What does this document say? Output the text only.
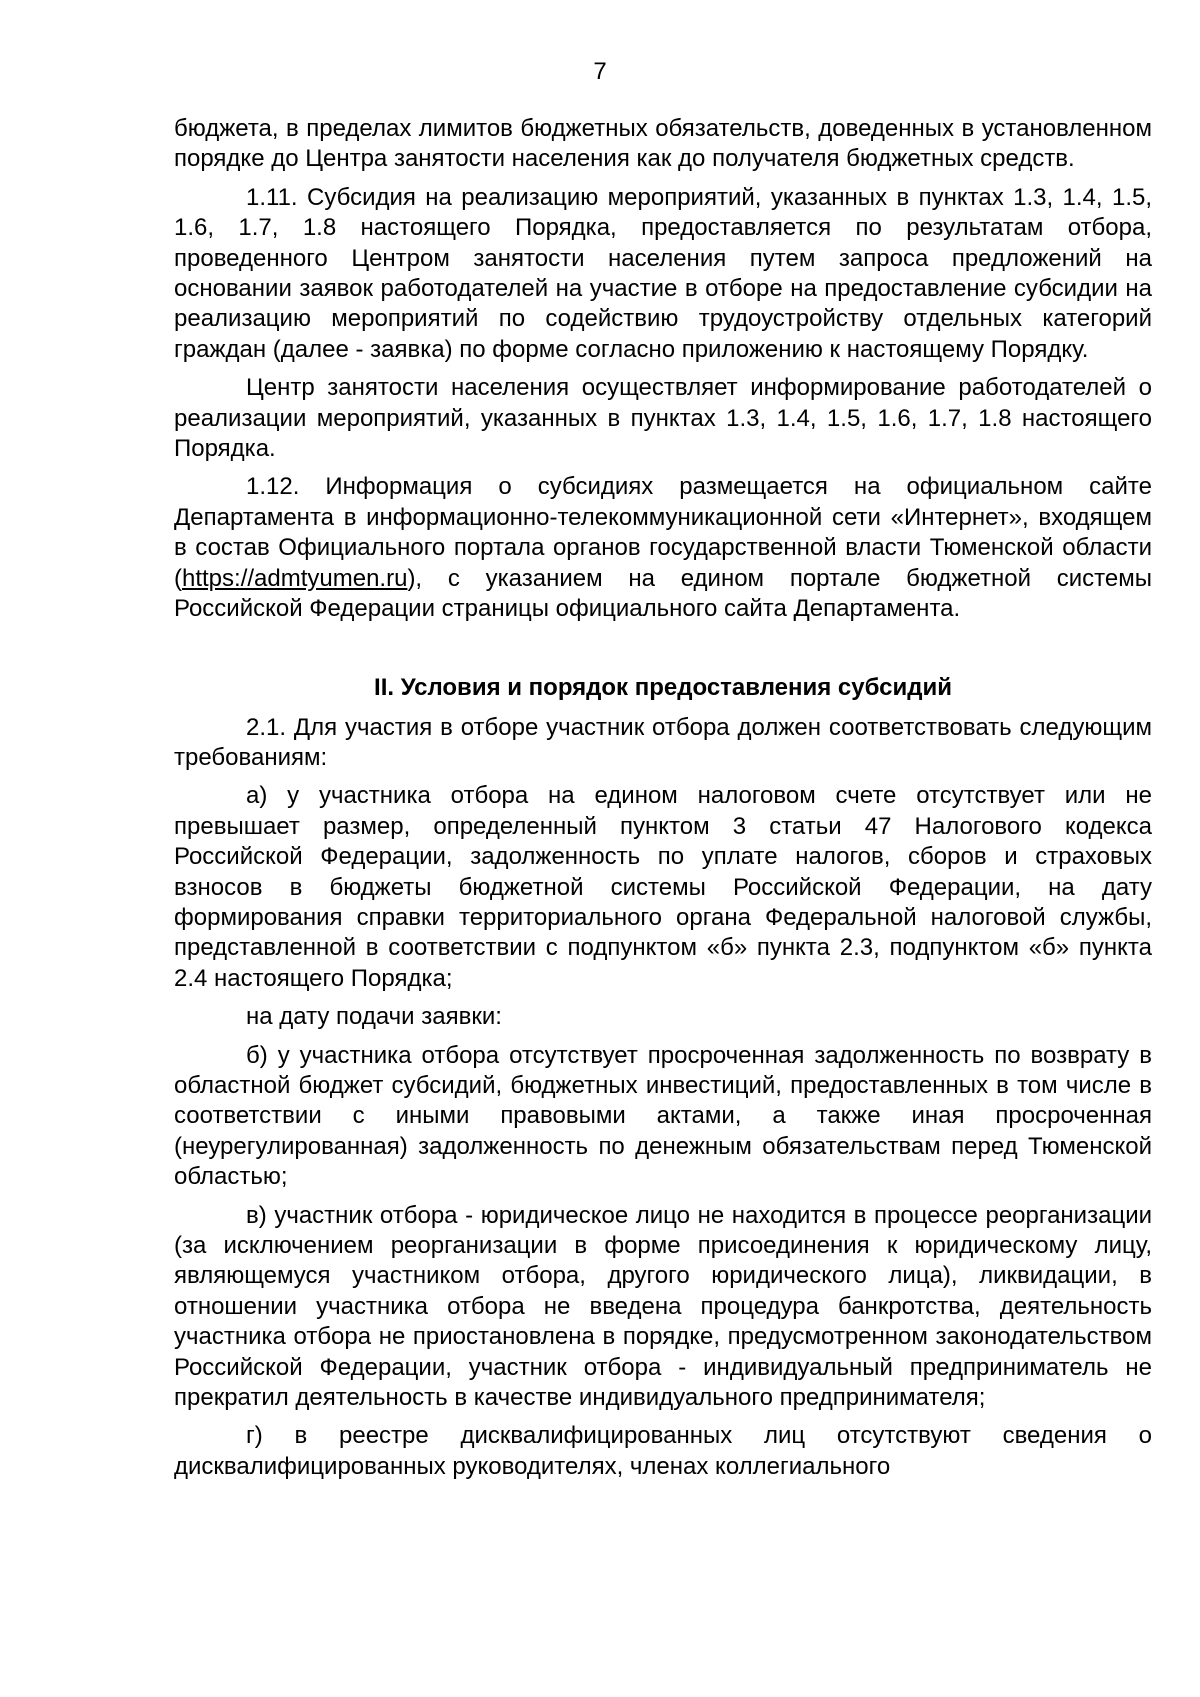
7

бюджета, в пределах лимитов бюджетных обязательств, доведенных в установленном порядке до Центра занятости населения как до получателя бюджетных средств.

1.11. Субсидия на реализацию мероприятий, указанных в пунктах 1.3, 1.4, 1.5, 1.6, 1.7, 1.8 настоящего Порядка, предоставляется по результатам отбора, проведенного Центром занятости населения путем запроса предложений на основании заявок работодателей на участие в отборе на предоставление субсидии на реализацию мероприятий по содействию трудоустройству отдельных категорий граждан (далее - заявка) по форме согласно приложению к настоящему Порядку.

Центр занятости населения осуществляет информирование работодателей о реализации мероприятий, указанных в пунктах 1.3, 1.4, 1.5, 1.6, 1.7, 1.8 настоящего Порядка.

1.12. Информация о субсидиях размещается на официальном сайте Департамента в информационно-телекоммуникационной сети «Интернет», входящем в состав Официального портала органов государственной власти Тюменской области (https://admtyumen.ru), с указанием на едином портале бюджетной системы Российской Федерации страницы официального сайта Департамента.

II. Условия и порядок предоставления субсидий

2.1. Для участия в отборе участник отбора должен соответствовать следующим требованиям:

а) у участника отбора на едином налоговом счете отсутствует или не превышает размер, определенный пунктом 3 статьи 47 Налогового кодекса Российской Федерации, задолженность по уплате налогов, сборов и страховых взносов в бюджеты бюджетной системы Российской Федерации, на дату формирования справки территориального органа Федеральной налоговой службы, представленной в соответствии с подпунктом «б» пункта 2.3, подпунктом «б» пункта 2.4 настоящего Порядка;

на дату подачи заявки:

б) у участника отбора отсутствует просроченная задолженность по возврату в областной бюджет субсидий, бюджетных инвестиций, предоставленных в том числе в соответствии с иными правовыми актами, а также иная просроченная (неурегулированная) задолженность по денежным обязательствам перед Тюменской областью;

в) участник отбора - юридическое лицо не находится в процессе реорганизации (за исключением реорганизации в форме присоединения к юридическому лицу, являющемуся участником отбора, другого юридического лица), ликвидации, в отношении участника отбора не введена процедура банкротства, деятельность участника отбора не приостановлена в порядке, предусмотренном законодательством Российской Федерации, участник отбора - индивидуальный предприниматель не прекратил деятельность в качестве индивидуального предпринимателя;

г) в реестре дисквалифицированных лиц отсутствуют сведения о дисквалифицированных руководителях, членах коллегиального
